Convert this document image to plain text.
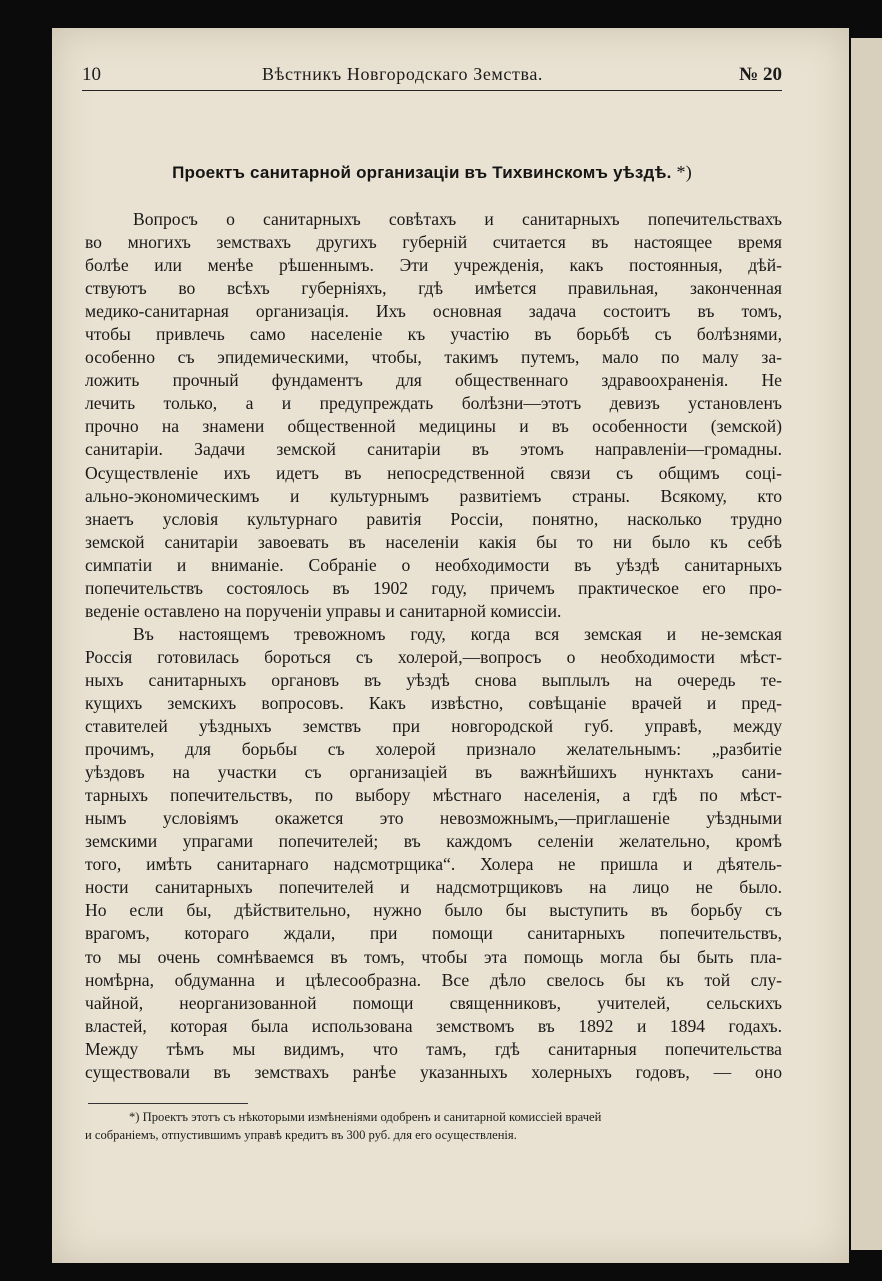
10	Вѣстникъ Новгородскаго Земства.	№ 20
Проектъ санитарной организаціи въ Тихвинскомъ уѣздѣ. *)
Вопросъ о санитарныхъ совѣтахъ и санитарныхъ попечительствахъ
во многихъ земствахъ другихъ губерній считается въ настоящее время
болѣе или менѣе рѣшеннымъ. Эти учрежденія, какъ постоянныя, дѣй-
ствуютъ во всѣхъ губерніяхъ, гдѣ имѣется правильная, законченная
медико-санитарная организація. Ихъ основная задача состоитъ въ томъ,
чтобы привлечь само населеніе къ участію въ борьбѣ съ болѣзнями,
особенно съ эпидемическими, чтобы, такимъ путемъ, мало по малу за-
ложить прочный фундаментъ для общественнаго здравоохраненія. Не
лечить только, а и предупреждать болѣзни—этотъ девизъ установленъ
прочно на знамени общественной медицины и въ особенности (земской)
санитаріи. Задачи земской санитаріи въ этомъ направленіи—громадны.
Осуществленіе ихъ идетъ въ непосредственной связи съ общимъ соці-
ально-экономическимъ и культурнымъ развитіемъ страны. Всякому, кто
знаетъ условія культурнаго равитія Россіи, понятно, насколько трудно
земской санитаріи завоевать въ населеніи какія бы то ни было къ себѣ
симпатіи и вниманіе. Собраніе о необходимости въ уѣздѣ санитарныхъ
попечительствъ состоялось въ 1902 году, причемъ практическое его про-
веденіе оставлено на порученіи управы и санитарной комиссіи.
Въ настоящемъ тревожномъ году, когда вся земская и не-земская
Россія готовилась бороться съ холерой,—вопросъ о необходимости мѣст-
ныхъ санитарныхъ органовъ въ уѣздѣ снова выплылъ на очередь те-
кущихъ земскихъ вопросовъ. Какъ извѣстно, совѣщаніе врачей и пред-
ставителей уѣздныхъ земствъ при новгородской губ. управѣ, между
прочимъ, для борьбы съ холерой признало желательнымъ: „разбитіе
уѣздовъ на участки съ организаціей въ важнѣйшихъ нунктахъ сани-
тарныхъ попечительствъ, по выбору мѣстнаго населенія, а гдѣ по мѣст-
нымъ условіямъ окажется это невозможнымъ,—приглашеніе уѣздными
земскими упрагами попечителей; въ каждомъ селеніи желательно, кромѣ
того, имѣть санитарнаго надсмотрщика“. Холера не пришла и дѣятель-
ности санитарныхъ попечителей и надсмотрщиковъ на лицо не было.
Но если бы, дѣйствительно, нужно было бы выступить въ борьбу съ
врагомъ, котораго ждали, при помощи санитарныхъ попечительствъ,
то мы очень сомнѣваемся въ томъ, чтобы эта помощь могла бы быть пла-
номѣрна, обдуманна и цѣлесообразна. Все дѣло свелось бы къ той слу-
чайной, неорганизованной помощи священниковъ, учителей, сельскихъ
властей, которая была использована земствомъ въ 1892 и 1894 годахъ.
Между тѣмъ мы видимъ, что тамъ, гдѣ санитарныя попечительства
существовали въ земствахъ ранѣе указанныхъ холерныхъ годовъ, — оно
*) Проектъ этотъ съ нѣкоторыми измѣненіями одобренъ и санитарной комиссіей врачей
и собраніемъ, отпустившимъ управѣ кредитъ въ 300 руб. для его осуществленія.
